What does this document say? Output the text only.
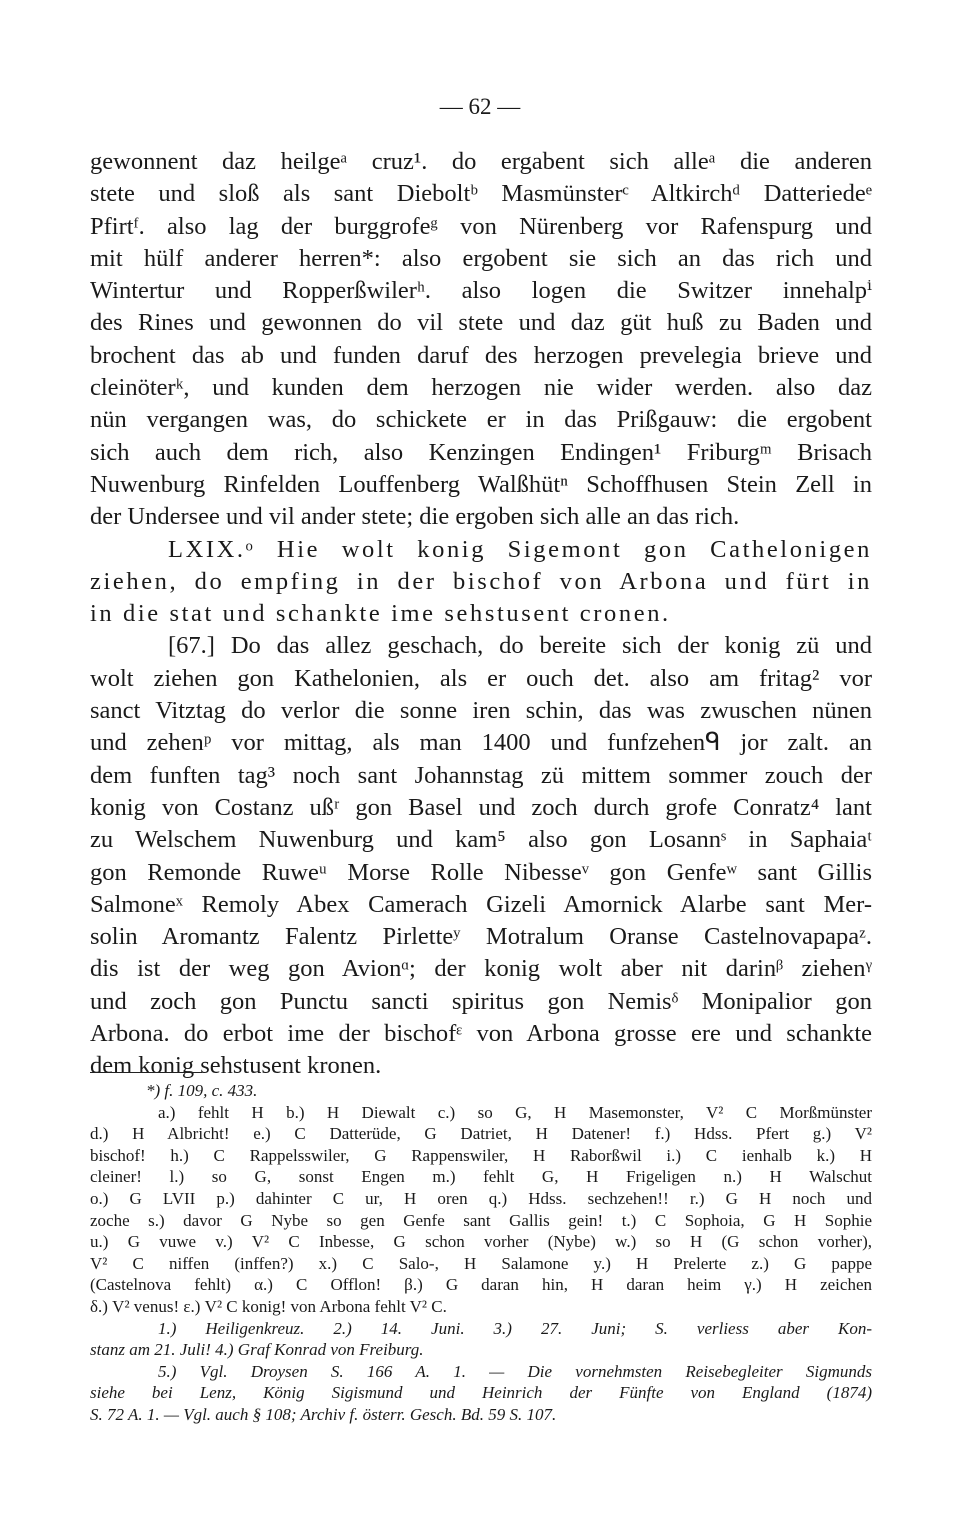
— 62 —
gewonnent daz heilgeᵃ cruz¹. do ergabent sich alleᵃ die anderen
stete und sloß als sant Dieboltᵇ Masmünsterᶜ Altkirchᵈ Datteriedeᵉ
Pfirtᶠ. also lag der burggrofeᵍ von Nürenberg vor Rafenspurg und
mit hülf anderer herren*: also ergobent sie sich an das rich und
Wintertur und Ropperßwilerʰ. also logen die Switzer innehalpⁱ
des Rines und gewonnen do vil stete und daz güt huß zu Baden und
brochent das ab und funden daruf des herzogen prevelegia brieve und
cleinöterᵏ, und kunden dem herzogen nie wider werden. also daz
nün vergangen was, do schickete er in das Prißgauw: die ergobent
sich auch dem rich, also Kenzingen Endingen¹ Friburgᵐ Brisach
Nuwenburg Rinfelden Louffenberg Walßhütⁿ Schoffhusen Stein Zell in
der Undersee und vil ander stete; die ergoben sich alle an das rich.
LXIX.ᵒ Hie wolt konig Sigemont gon Cathelonigen
ziehen, do empfing in der bischof von Arbona und fürt in
in die stat und schankte ime sehstusent cronen.
[67.] Do das allez geschach, do bereite sich der konig zü und
wolt ziehen gon Kathelonien, als er ouch det. also am fritag² vor
sanct Vitztag do verlor die sonne iren schin, das was zwuschen nünen
und zehenᵖ vor mittag, als man 1400 und funfzehenᑫ jor zalt. an
dem funften tag³ noch sant Johannstag zü mittem sommer zouch der
konig von Costanz ußʳ gon Basel und zoch durch grofe Conratz⁴ lant
zu Welschem Nuwenburg und kam⁵ also gon Losannˢ in Saphaiaᵗ
gon Remonde Ruweᵘ Morse Rolle Nibesseᵛ gon Genfeʷ sant Gillis
Salmoneˣ Remoly Abex Camerach Gizeli Amornick Alarbe sant Mer-
solin Aromantz Falentz Pirletteʸ Motralum Oranse Castelnovapapaᶻ.
dis ist der weg gon Avionᵅ; der konig wolt aber nit darinᵝ ziehenᵞ
und zoch gon Punctu sancti spiritus gon Nemisᵟ Monipalior gon
Arbona. do erbot ime der bischofᵋ von Arbona grosse ere und schankte
dem konig sehstusent kronen.
*) f. 109, c. 433.
a.) fehlt H b.) H Diewalt c.) so G, H Masemonster, V² C Morßmünster
d.) H Albricht! e.) C Datterüde, G Datriet, H Datener! f.) Hdss. Pfert g.) V²
bischof! h.) C Rappelsswiler, G Rappenswiler, H Raborßwil i.) C ienhalb k.) H
cleiner! l.) so G, sonst Engen m.) fehlt G, H Frigeligen n.) H Walschut
o.) G LVII p.) dahinter C ur, H oren q.) Hdss. sechzehen!! r.) G H noch und
zoche s.) davor G Nybe so gen Genfe sant Gallis gein! t.) C Sophoia, G H Sophie
u.) G vuwe v.) V² C Inbesse, G schon vorher (Nybe) w.) so H (G schon vorher),
V² C niffen (inffen?) x.) C Salo-, H Salamone y.) H Prelerte z.) G pappe
(Castelnova fehlt) α.) C Offlon! β.) G daran hin, H daran heim γ.) H zeichen
δ.) V² venus! ε.) V² C konig! von Arbona fehlt V² C.
1.) Heiligenkreuz. 2.) 14. Juni. 3.) 27. Juni; S. verliess aber Kon-
stanz am 21. Juli! 4.) Graf Konrad von Freiburg.
5.) Vgl. Droysen S. 166 A. 1. — Die vornehmsten Reisebegleiter Sigmunds
siehe bei Lenz, König Sigismund und Heinrich der Fünfte von England (1874)
S. 72 A. 1. — Vgl. auch § 108; Archiv f. österr. Gesch. Bd. 59 S. 107.
